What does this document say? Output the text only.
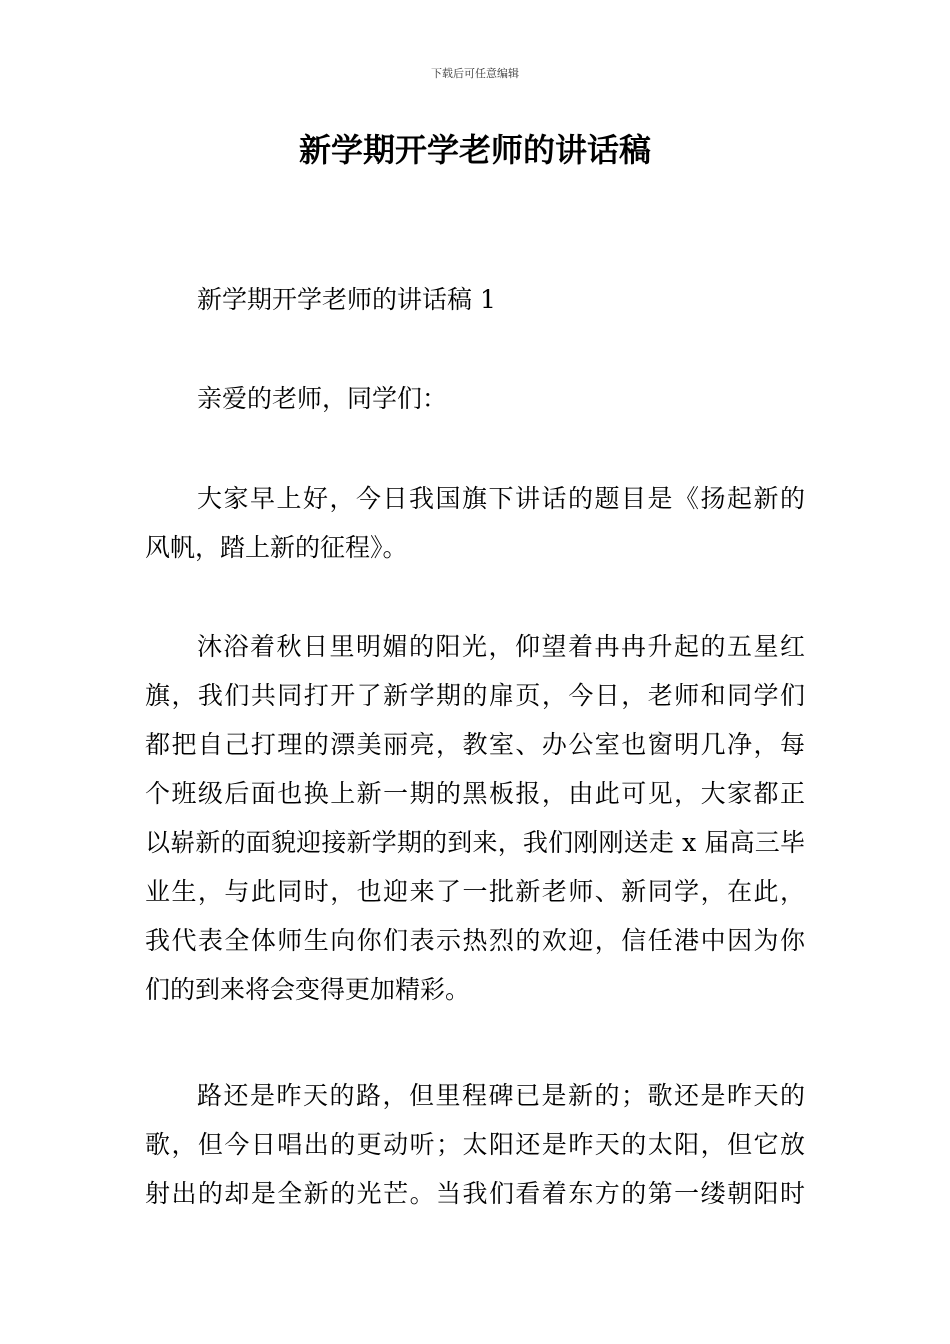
下载后可任意编辑
新学期开学老师的讲话稿
新学期开学老师的讲话稿 1
亲爱的老师，同学们：
大家早上好，今日我国旗下讲话的题目是《扬起新的
风帆，踏上新的征程》。
沐浴着秋日里明媚的阳光，仰望着冉冉升起的五星红
旗，我们共同打开了新学期的扉页，今日，老师和同学们
都把自己打理的漂美丽亮，教室、办公室也窗明几净，每
个班级后面也换上新一期的黑板报，由此可见，大家都正
以崭新的面貌迎接新学期的到来，我们刚刚送走 x 届高三毕
业生，与此同时，也迎来了一批新老师、新同学，在此，
我代表全体师生向你们表示热烈的欢迎，信任港中因为你
们的到来将会变得更加精彩。
路还是昨天的路，但里程碑已是新的；歌还是昨天的
歌，但今日唱出的更动听；太阳还是昨天的太阳，但它放
射出的却是全新的光芒。当我们看着东方的第一缕朝阳时
